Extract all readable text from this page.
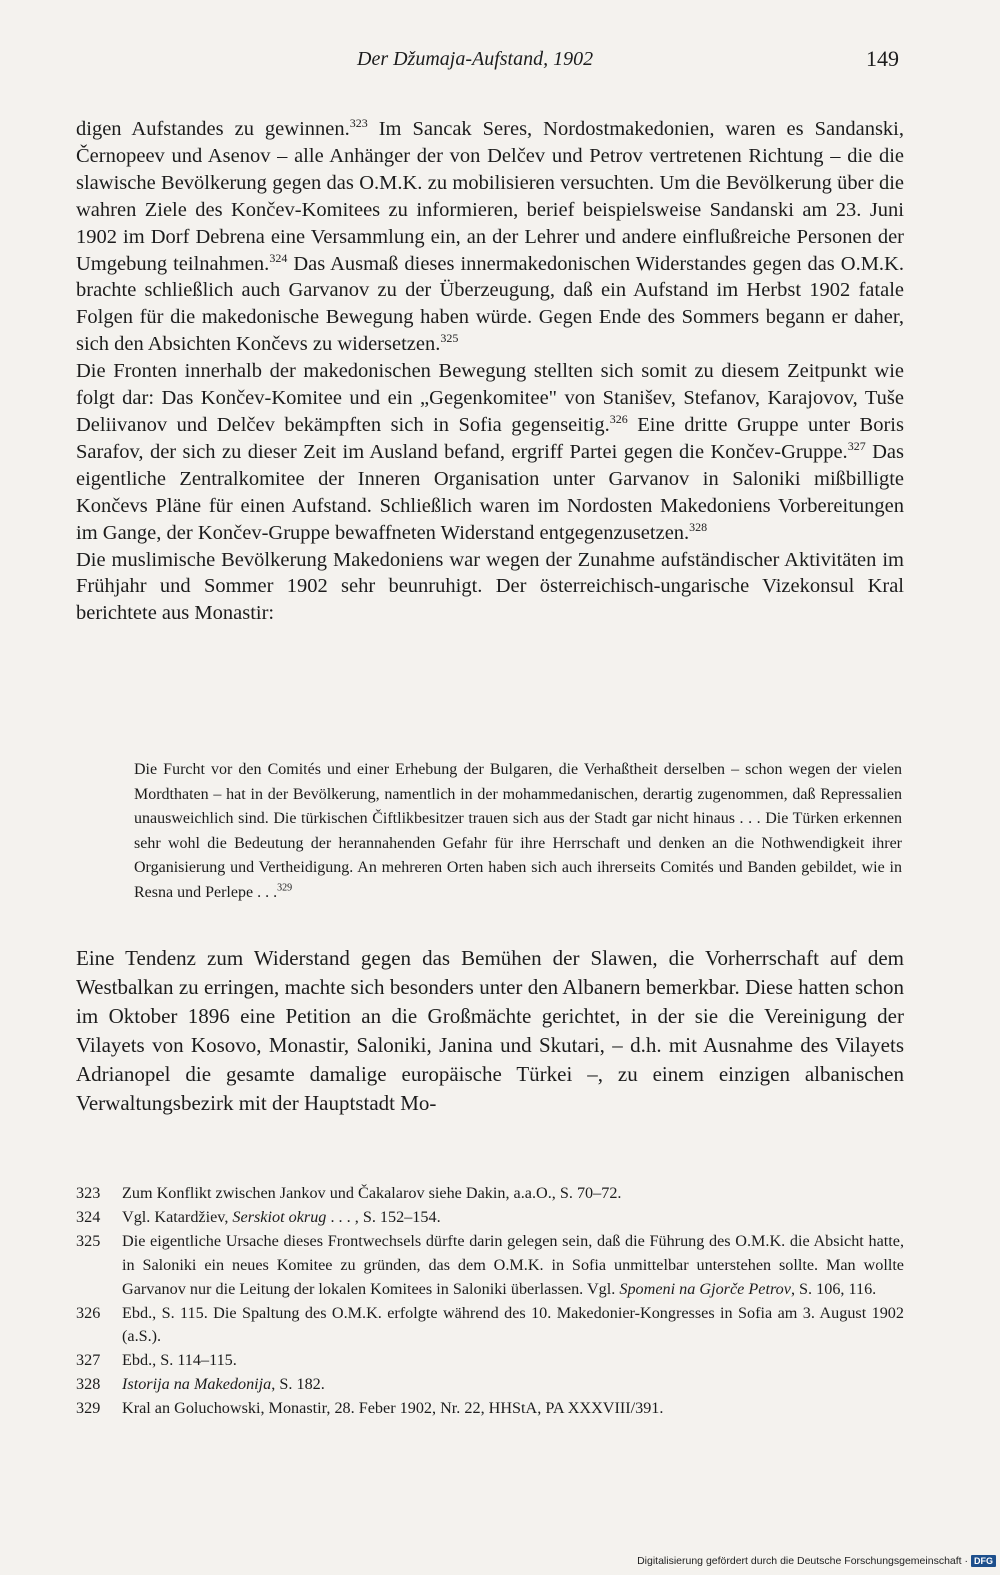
Der Džumaja-Aufstand, 1902	149

digen Aufstandes zu gewinnen.$^{323}$ Im Sancak Seres, Nordostmakedonien, waren es Sandanski, Černopeev und Asenov – alle Anhänger der von Delčev und Petrov vertretenen Richtung – die die slawische Bevölkerung gegen das O.M.K. zu mobilisieren versuchten. Um die Bevölkerung über die wahren Ziele des Končev-Komitees zu informieren, berief beispielsweise Sandanski am 23. Juni 1902 im Dorf Debrena eine Versammlung ein, an der Lehrer und andere einflußreiche Personen der Umgebung teilnahmen.$^{324}$ Das Ausmaß dieses innermakedonischen Widerstandes gegen das O.M.K. brachte schließlich auch Garvanov zu der Überzeugung, daß ein Aufstand im Herbst 1902 fatale Folgen für die makedonische Bewegung haben würde. Gegen Ende des Sommers begann er daher, sich den Absichten Končevs zu widersetzen.$^{325}$

Die Fronten innerhalb der makedonischen Bewegung stellten sich somit zu diesem Zeitpunkt wie folgt dar: Das Končev-Komitee und ein „Gegenkomitee" von Stanišev, Stefanov, Karajovov, Tuše Deliivanov und Delčev bekämpften sich in Sofia gegenseitig.$^{326}$ Eine dritte Gruppe unter Boris Sarafov, der sich zu dieser Zeit im Ausland befand, ergriff Partei gegen die Končev-Gruppe.$^{327}$ Das eigentliche Zentralkomitee der Inneren Organisation unter Garvanov in Saloniki mißbilligte Končevs Pläne für einen Aufstand. Schließlich waren im Nordosten Makedoniens Vorbereitungen im Gange, der Končev-Gruppe bewaffneten Widerstand entgegenzusetzen.$^{328}$

Die muslimische Bevölkerung Makedoniens war wegen der Zunahme aufständischer Aktivitäten im Frühjahr und Sommer 1902 sehr beunruhigt. Der österreichisch-ungarische Vizekonsul Kral berichtete aus Monastir:

Die Furcht vor den Comités und einer Erhebung der Bulgaren, die Verhaßtheit derselben – schon wegen der vielen Mordthaten – hat in der Bevölkerung, namentlich in der mohammedanischen, derartig zugenommen, daß Repressalien unausweichlich sind. Die türkischen Čiftlikbesitzer trauen sich aus der Stadt gar nicht hinaus . . . Die Türken erkennen sehr wohl die Bedeutung der herannahenden Gefahr für ihre Herrschaft und denken an die Nothwendigkeit ihrer Organisierung und Vertheidigung. An mehreren Orten haben sich auch ihrerseits Comités und Banden gebildet, wie in Resna und Perlepe . . .$^{329}$

Eine Tendenz zum Widerstand gegen das Bemühen der Slawen, die Vorherrschaft auf dem Westbalkan zu erringen, machte sich besonders unter den Albanern bemerkbar. Diese hatten schon im Oktober 1896 eine Petition an die Großmächte gerichtet, in der sie die Vereinigung der Vilayets von Kosovo, Monastir, Saloniki, Janina und Skutari, – d.h. mit Ausnahme des Vilayets Adrianopel die gesamte damalige europäische Türkei –, zu einem einzigen albanischen Verwaltungsbezirk mit der Hauptstadt Mo-

323	Zum Konflikt zwischen Jankov und Čakalarov siehe Dakin, a.a.O., S. 70–72.
324	Vgl. Katardžiev, Serskiot okrug . . . , S. 152–154.
325	Die eigentliche Ursache dieses Frontwechsels dürfte darin gelegen sein, daß die Führung des O.M.K. die Absicht hatte, in Saloniki ein neues Komitee zu gründen, das dem O.M.K. in Sofia unmittelbar unterstehen sollte. Man wollte Garvanov nur die Leitung der lokalen Komitees in Saloniki überlassen. Vgl. Spomeni na Gjorče Petrov, S. 106, 116.
326	Ebd., S. 115. Die Spaltung des O.M.K. erfolgte während des 10. Makedonier-Kongresses in Sofia am 3. August 1902 (a.S.).
327	Ebd., S. 114–115.
328	Istorija na Makedonija, S. 182.
329	Kral an Goluchowski, Monastir, 28. Feber 1902, Nr. 22, HHStA, PA XXXVIII/391.
Digitalisierung gefördert durch die Deutsche Forschungsgemeinschaft · DFG
